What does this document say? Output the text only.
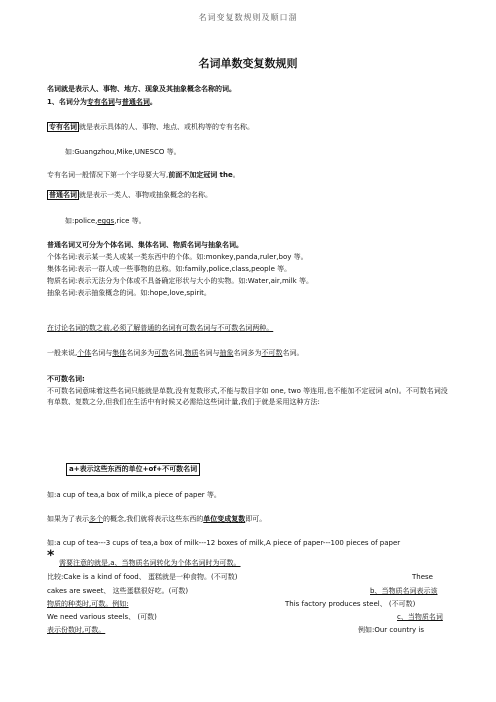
名词变复数规则及顺口溜
名词单数变复数规则
名词就是表示人、事物、地方、现象及其抽象概念名称的词。
1、名词分为专有名词与普通名词。
专有名词 就是表示具体的人、事物、地点、或机构等的专有名称。
如:Guangzhou,Mike,UNESCO 等。
专有名词一般情况下第一个字母要大写,前面不加定冠词 the。
普通名词 就是表示一类人、事物或抽象概念的名称。
如:police,eggs,rice 等。
普通名词又可分为个体名词、集体名词、物质名词与抽象名词。
个体名词:表示某一类人或某一类东西中的个体。如:monkey,panda,ruler,boy 等。
集体名词:表示一群人或一些事物的总称。如:family,police,class,people 等。
物质名词:表示无法分为个体或不具备确定形状与大小的实物。如:Water,air,milk 等。
抽象名词:表示抽象概念的词。如:hope,love,spirit。
在讨论名词的数之前,必须了解普通的名词有可数名词与不可数名词两种。
一般来说,个体名词与集体名词多为可数名词,物质名词与抽象名词多为不可数名词。
不可数名词:
不可数名词意味着这些名词只能就是单数,没有复数形式,不能与数目字如 one, two 等连用,也不能加不定冠词 a(n)。不可数名词没有单数、复数之分,但我们在生活中有时候又必需给这些词计量,我们于就是采用这种方法:
a+表示这些东西的单位+of+不可数名词
如:a cup of tea,a box of milk,a piece of paper 等。
如果为了表示多个的概念,我们就将表示这些东西的单位变成复数即可。
如:a cup of tea---3 cups of tea,a box of milk---12 boxes of milk,A piece of paper---100 pieces of paper
* 需要注意的就是,a、当物质名词转化为个体名词时为可数。
比较:Cake is a kind of food、 蛋糕就是一种食物。(不可数)	These
cakes are sweet、 这些蛋糕很好吃。(可数)	b、当物质名词表示该
物质的种类时,可数。例如:	This factory produces steel、 (不可数)
We need various steels、 (可数)	c、当物质名词
表示份数时,可数。	例如:Our country is
